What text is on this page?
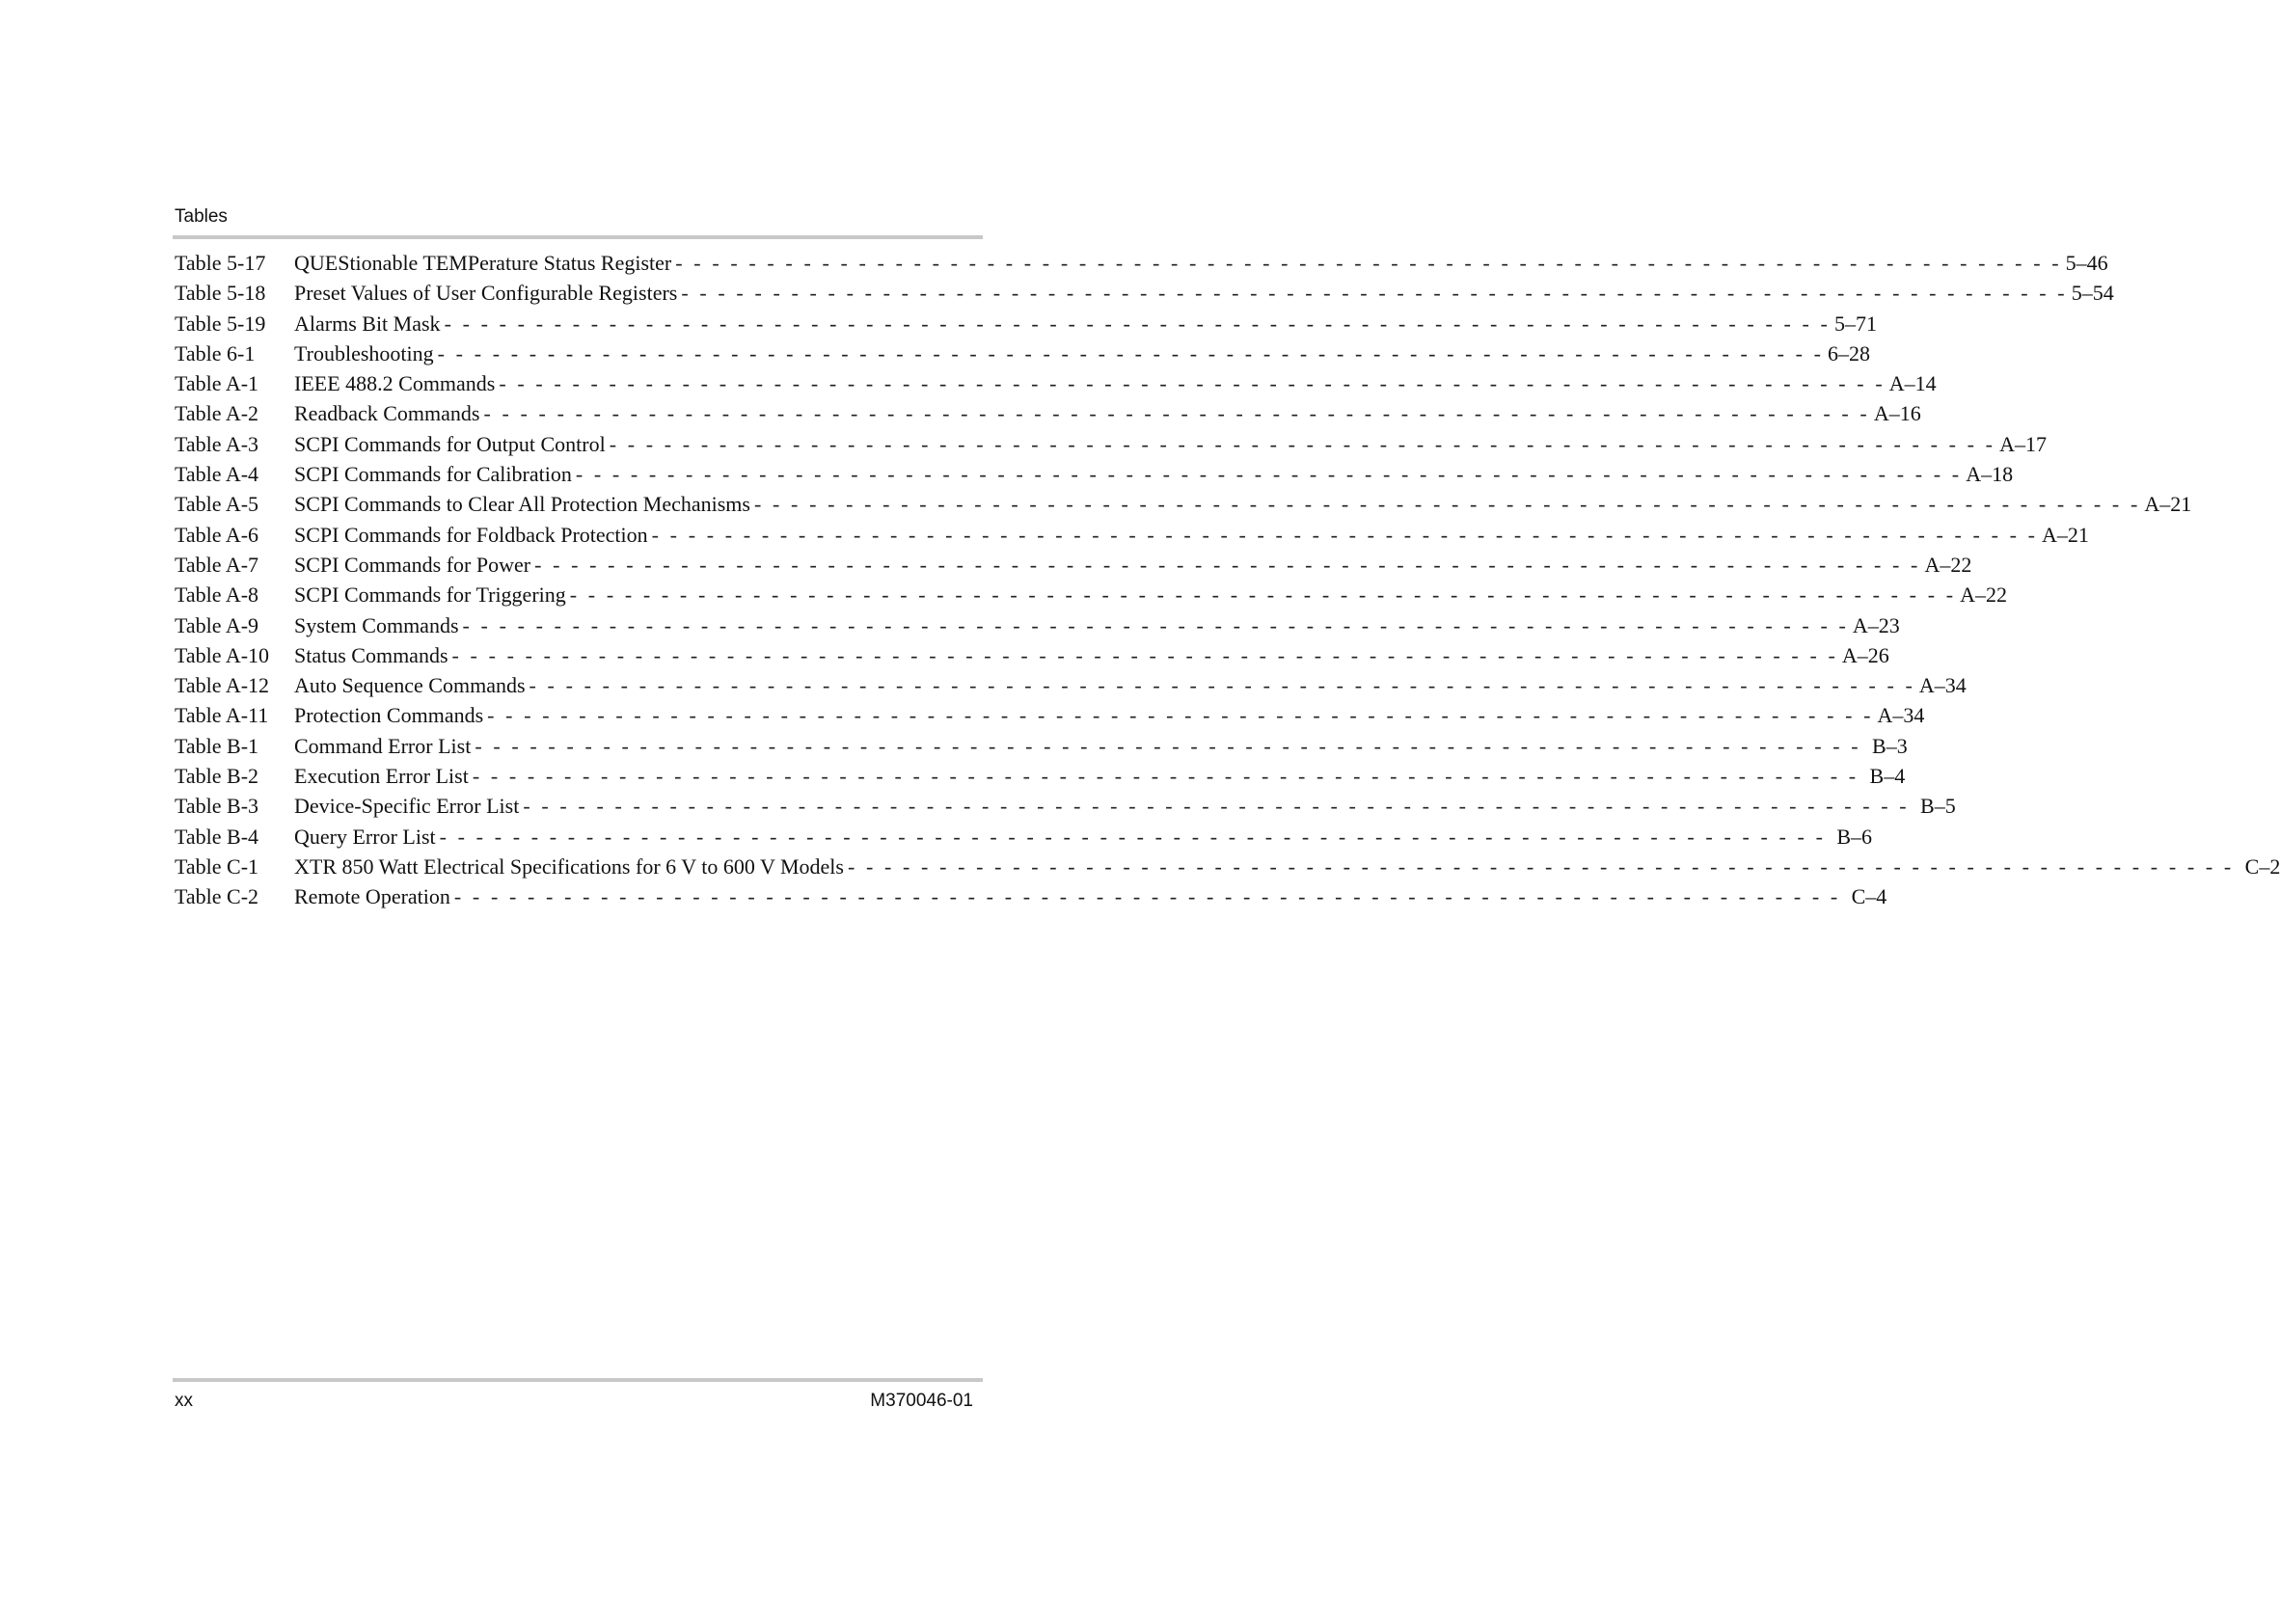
Tables
Table 5-17	QUEStionable TEMPerature Status Register - - -	5–46
Table 5-18	Preset Values of User Configurable Registers - - -	5–54
Table 5-19	Alarms Bit Mask - - -	5–71
Table 6-1	Troubleshooting - - -	6–28
Table A-1	IEEE 488.2 Commands - - -	A–14
Table A-2	Readback Commands - - -	A–16
Table A-3	SCPI Commands for Output Control - - -	A–17
Table A-4	SCPI Commands for Calibration - - -	A–18
Table A-5	SCPI Commands to Clear All Protection Mechanisms - - -	A–21
Table A-6	SCPI Commands for Foldback Protection - - -	A–21
Table A-7	SCPI Commands for Power - - -	A–22
Table A-8	SCPI Commands for Triggering - - -	A–22
Table A-9	System Commands - - -	A–23
Table A-10	Status Commands - - -	A–26
Table A-12	Auto Sequence Commands - - -	A–34
Table A-11	Protection Commands - - -	A–34
Table B-1	Command Error List - - -	B–3
Table B-2	Execution Error List - - -	B–4
Table B-3	Device-Specific Error List - - -	B–5
Table B-4	Query Error List - - -	B–6
Table C-1	XTR 850 Watt Electrical Specifications for 6 V to 600 V Models - - -	C–2
Table C-2	Remote Operation - - -	C–4
xx	M370046-01
